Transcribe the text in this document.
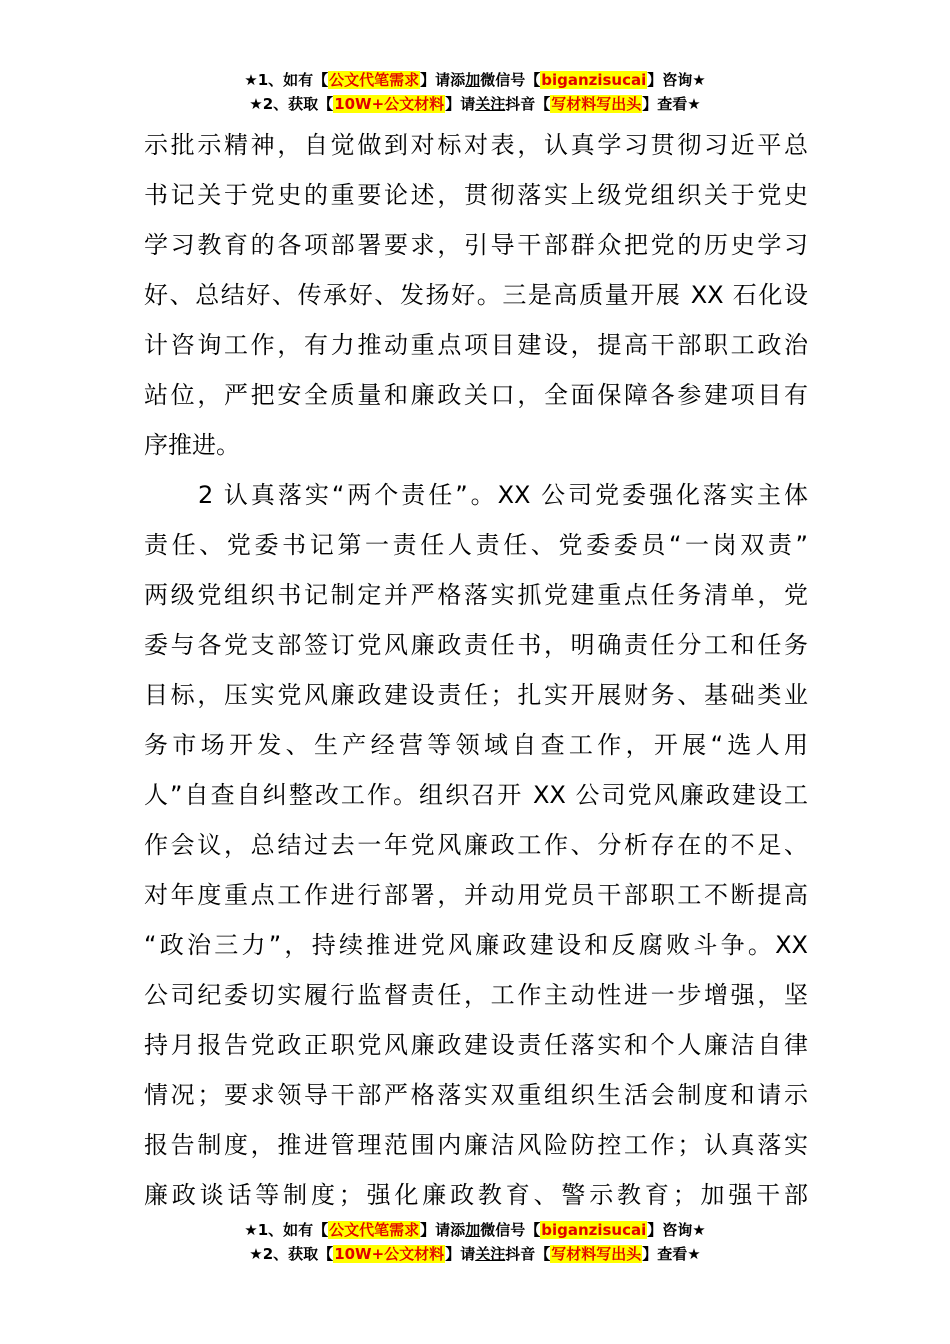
★1、如有【公文代笔需求】请添加微信号【biganzisucai】咨询★
★2、获取【10W+公文材料】请关注抖音【写材料写出头】查看★
示批示精神，自觉做到对标对表，认真学习贯彻习近平总
书记关于党史的重要论述，贯彻落实上级党组织关于党史
学习教育的各项部署要求，引导干部群众把党的历史学习
好、总结好、传承好、发扬好。三是高质量开展 XX 石化设
计咨询工作，有力推动重点项目建设，提高干部职工政治
站位，严把安全质量和廉政关口，全面保障各参建项目有
序推进。
　　2 认真落实“两个责任”。XX 公司党委强化落实主体
责任、党委书记第一责任人责任、党委委员“一岗双责”
两级党组织书记制定并严格落实抓党建重点任务清单，党
委与各党支部签订党风廉政责任书，明确责任分工和任务
目标，压实党风廉政建设责任；扎实开展财务、基础类业
务市场开发、生产经营等领域自查工作，开展“选人用
人”自查自纠整改工作。组织召开 XX 公司党风廉政建设工
作会议，总结过去一年党风廉政工作、分析存在的不足、
对年度重点工作进行部署，并动用党员干部职工不断提高
“政治三力”，持续推进党风廉政建设和反腐败斗争。XX
公司纪委切实履行监督责任，工作主动性进一步增强，坚
持月报告党政正职党风廉政建设责任落实和个人廉洁自律
情况；要求领导干部严格落实双重组织生活会制度和请示
报告制度，推进管理范围内廉洁风险防控工作；认真落实
廉政谈话等制度；强化廉政教育、警示教育；加强干部
★1、如有【公文代笔需求】请添加微信号【biganzisucai】咨询★
★2、获取【10W+公文材料】请关注抖音【写材料写出头】查看★
